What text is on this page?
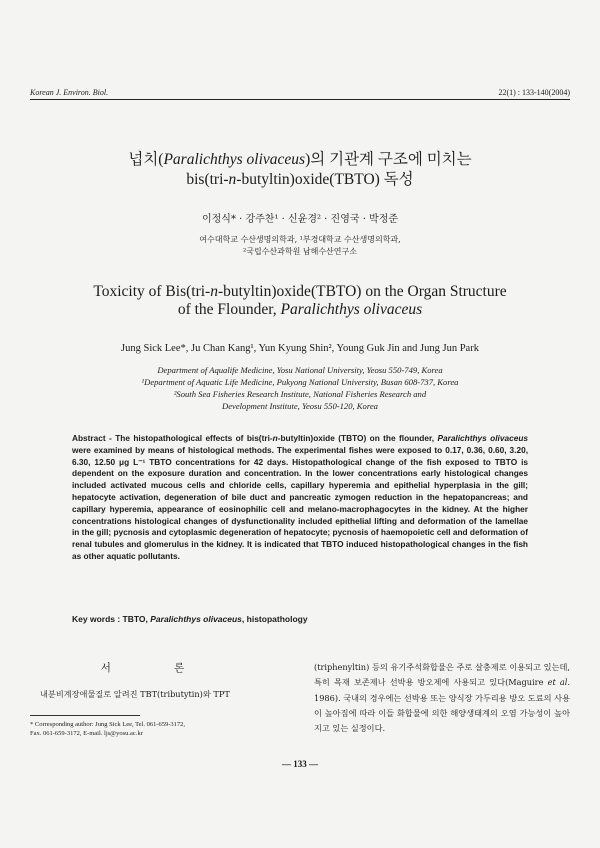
Korean J. Environ. Biol.	22(1) : 133-140(2004)
넙치(Paralichthys olivaceus)의 기관계 구조에 미치는
bis(tri-n-butyltin)oxide(TBTO) 독성
이정식* · 강주찬¹ · 신윤경² · 진영국 · 박정준
여수대학교 수산생명의학과, ¹부경대학교 수산생명의학과,
²국립수산과학원 남해수산연구소
Toxicity of Bis(tri-n-butyltin)oxide(TBTO) on the Organ Structure
of the Flounder, Paralichthys olivaceus
Jung Sick Lee*, Ju Chan Kang¹, Yun Kyung Shin², Young Guk Jin and Jung Jun Park
Department of Aqualife Medicine, Yosu National University, Yeosu 550-749, Korea
¹Department of Aquatic Life Medicine, Pukyong National University, Busan 608-737, Korea
²South Sea Fisheries Research Institute, National Fisheries Research and
Development Institute, Yeosu 550-120, Korea
Abstract - The histopathological effects of bis(tri-n-butyltin)oxide (TBTO) on the flounder, Paralichthys olivaceus were examined by means of histological methods. The experimental fishes were exposed to 0.17, 0.36, 0.60, 3.20, 6.30, 12.50 μg L⁻¹ TBTO concentrations for 42 days. Histopathological change of the fish exposed to TBTO is dependent on the exposure duration and concentration. In the lower concentrations early histological changes included activated mucous cells and chloride cells, capillary hyperemia and epithelial hyperplasia in the gill; hepatocyte activation, degeneration of bile duct and pancreatic zymogen reduction in the hepatopancreas; and capillary hyperemia, appearance of eosinophilic cell and melano-macrophagocytes in the kidney. At the higher concentrations histological changes of dysfunctionality included epithelial lifting and deformation of the lamellae in the gill; pycnosis and cytoplasmic degeneration of hepatocyte; pycnosis of haemopoietic cell and deformation of renal tubules and glomerulus in the kidney. It is indicated that TBTO induced histopathological changes in the fish as other aquatic pollutants.
Key words : TBTO, Paralichthys olivaceus, histopathology
서 론
내분비계장애물질로 알려진 TBT(tributytin)와 TPT
* Corresponding author: Jung Sick Lee, Tel. 061-659-3172,
Fax. 061-659-3172, E-mail. ljs@yosu.ac.kr
(triphenyltin) 등의 유기주석화합물은 주로 살충제로 이용되고 있는데, 특히 목재 보존제나 선박용 방오제에 사용되고 있다(Maguire et al. 1986). 국내의 경우에는 선박용 또는 양식장 가두리용 방오 도료의 사용이 높아짐에 따라 이들 화합물에 의한 해양생태계의 오염 가능성이 높아지고 있는 실정이다.
— 133 —
